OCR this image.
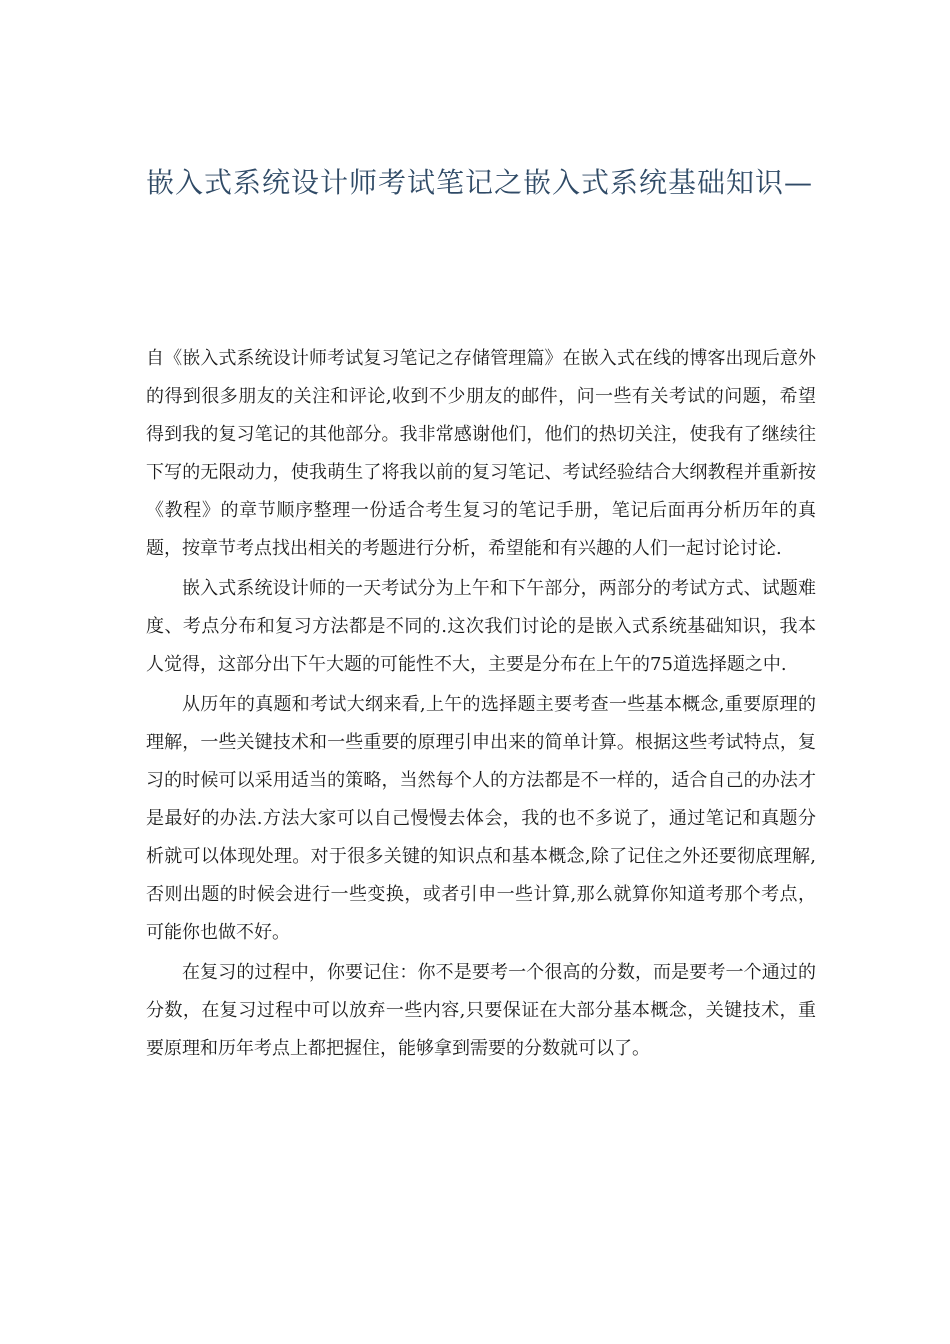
嵌入式系统设计师考试笔记之嵌入式系统基础知识—

自《嵌入式系统设计师考试复习笔记之存储管理篇》在嵌入式在线的博客出现后意外的得到很多朋友的关注和评论,收到不少朋友的邮件，问一些有关考试的问题，希望得到我的复习笔记的其他部分。我非常感谢他们，他们的热切关注，使我有了继续往下写的无限动力，使我萌生了将我以前的复习笔记、考试经验结合大纲教程并重新按《教程》的章节顺序整理一份适合考生复习的笔记手册，笔记后面再分析历年的真题，按章节考点找出相关的考题进行分析，希望能和有兴趣的人们一起讨论讨论.

嵌入式系统设计师的一天考试分为上午和下午部分，两部分的考试方式、试题难度、考点分布和复习方法都是不同的.这次我们讨论的是嵌入式系统基础知识，我本人觉得，这部分出下午大题的可能性不大，主要是分布在上午的75道选择题之中.

从历年的真题和考试大纲来看,上午的选择题主要考查一些基本概念,重要原理的理解，一些关键技术和一些重要的原理引申出来的简单计算。根据这些考试特点，复习的时候可以采用适当的策略，当然每个人的方法都是不一样的，适合自己的办法才是最好的办法.方法大家可以自己慢慢去体会，我的也不多说了，通过笔记和真题分析就可以体现处理。对于很多关键的知识点和基本概念,除了记住之外还要彻底理解,否则出题的时候会进行一些变换，或者引申一些计算,那么就算你知道考那个考点，可能你也做不好。

在复习的过程中，你要记住：你不是要考一个很高的分数，而是要考一个通过的分数，在复习过程中可以放弃一些内容,只要保证在大部分基本概念，关键技术，重要原理和历年考点上都把握住，能够拿到需要的分数就可以了。
